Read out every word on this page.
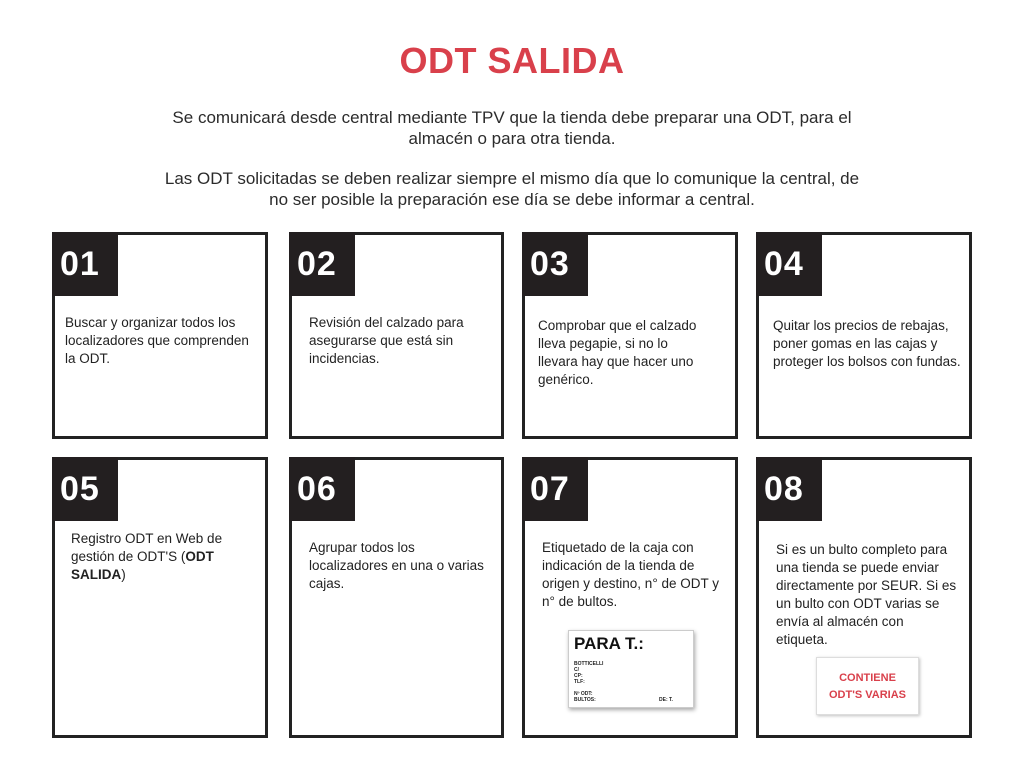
ODT SALIDA
Se comunicará desde central mediante TPV que la tienda debe preparar una ODT, para el
almacén o para otra tienda.
Las ODT solicitadas se deben realizar siempre el mismo día que lo comunique la central, de
no ser posible la preparación ese día se debe informar a central.
01
Buscar y organizar todos los localizadores que comprenden la ODT.
02
Revisión del calzado para asegurarse que está sin incidencias.
03
Comprobar que el calzado lleva pegapie, si no lo llevara hay que hacer uno genérico.
04
Quitar los precios de rebajas, poner gomas en las cajas y proteger los bolsos con fundas.
05
Registro ODT en Web de gestión de ODT'S (ODT SALIDA)
06
Agrupar todos los localizadores en una o varias cajas.
07
Etiquetado de la caja con indicación de la tienda de origen y destino, n° de ODT y n° de bultos.
08
Si es un bulto completo para una tienda se puede enviar directamente por SEUR. Si es un bulto con ODT varias se envía al almacén con etiqueta.
PARA T.:
BOTTICELLI
C/
CP:
TLF:
Nº ODT:
BULTOS:	DE: T.
CONTIENE
ODT'S VARIAS
